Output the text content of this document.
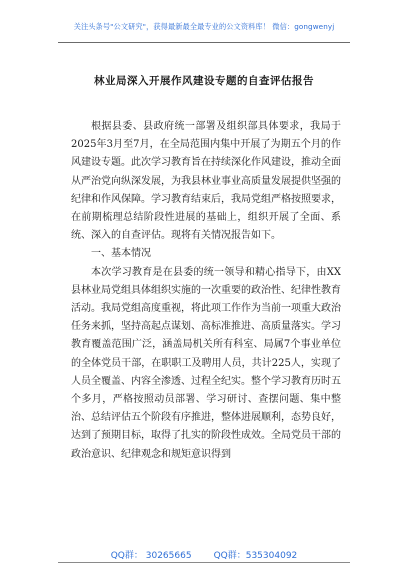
关注头条号"公文研究"，获得最新最全最专业的公文资料库！ 微信：gongwenyj
林业局深入开展作风建设专题的自查评估报告

根据县委、县政府统一部署及组织部具体要求，我局于2025年3月至7月，在全局范围内集中开展了为期五个月的作风建设专题。此次学习教育旨在持续深化作风建设，推动全面从严治党向纵深发展，为我县林业事业高质量发展提供坚强的纪律和作风保障。学习教育结束后，我局党组严格按照要求，在前期梳理总结阶段性进展的基础上，组织开展了全面、系统、深入的自查评估。现将有关情况报告如下。

一、基本情况

本次学习教育是在县委的统一领导和精心指导下，由XX县林业局党组具体组织实施的一次重要的政治性、纪律性教育活动。我局党组高度重视，将此项工作作为当前一项重大政治任务来抓，坚持高起点谋划、高标准推进、高质量落实。学习教育覆盖范围广泛，涵盖局机关所有科室、局属7个事业单位的全体党员干部，在职职工及聘用人员，共计225人，实现了人员全覆盖、内容全渗透、过程全纪实。整个学习教育历时五个多月，严格按照动员部署、学习研讨、查摆问题、集中整治、总结评估五个阶段有序推进，整体进展顺利，态势良好，达到了预期目标，取得了扎实的阶段性成效。全局党员干部的政治意识、纪律观念和规矩意识得到

QQ群： 30265665 QQ群：535304092
